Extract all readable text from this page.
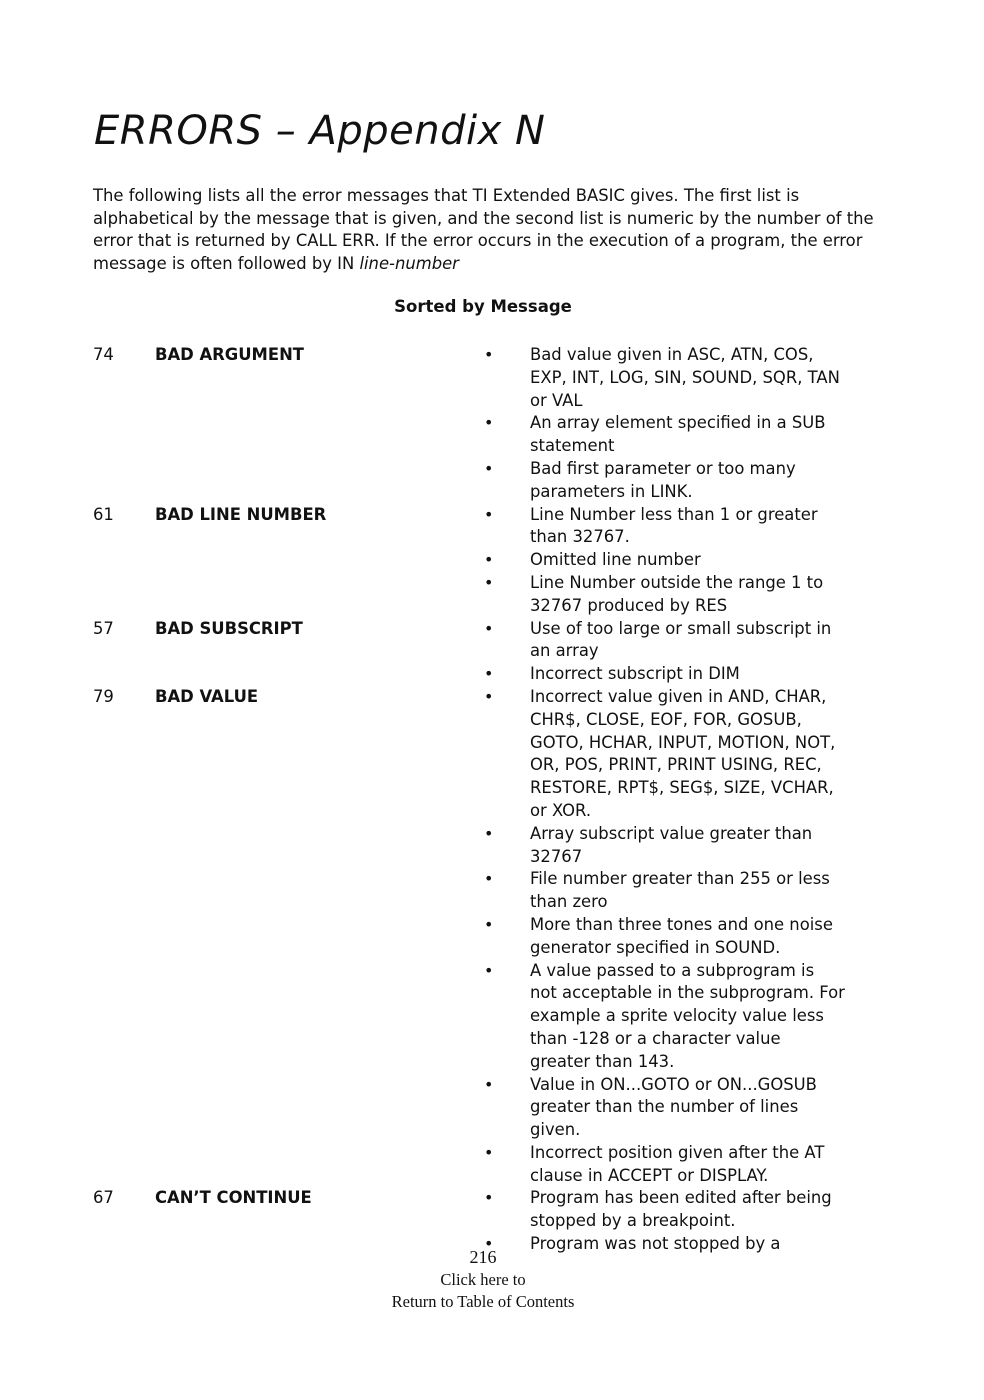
ERRORS – Appendix N

The following lists all the error messages that TI Extended BASIC gives. The first list is alphabetical by the message that is given, and the second list is numeric by the number of the error that is returned by CALL ERR. If the error occurs in the execution of a program, the error message is often followed by IN line-number

Sorted by Message
74	BAD ARGUMENT	• Bad value given in ASC, ATN, COS, EXP, INT, LOG, SIN, SOUND, SQR, TAN or VAL
• An array element specified in a SUB statement
• Bad first parameter or too many parameters in LINK.
61	BAD LINE NUMBER	• Line Number less than 1 or greater than 32767.
• Omitted line number
• Line Number outside the range 1 to 32767 produced by RES
57	BAD SUBSCRIPT	• Use of too large or small subscript in an array
• Incorrect subscript in DIM
79	BAD VALUE	• Incorrect value given in AND, CHAR, CHR$, CLOSE, EOF, FOR, GOSUB, GOTO, HCHAR, INPUT, MOTION, NOT, OR, POS, PRINT, PRINT USING, REC, RESTORE, RPT$, SEG$, SIZE, VCHAR, or XOR.
• Array subscript value greater than 32767
• File number greater than 255 or less than zero
• More than three tones and one noise generator specified in SOUND.
• A value passed to a subprogram is not acceptable in the subprogram. For example a sprite velocity value less than -128 or a character value greater than 143.
• Value in ON...GOTO or ON...GOSUB greater than the number of lines given.
• Incorrect position given after the AT clause in ACCEPT or DISPLAY.
67	CAN’T CONTINUE	• Program has been edited after being stopped by a breakpoint.
• Program was not stopped by a
216
Click here to
Return to Table of Contents
